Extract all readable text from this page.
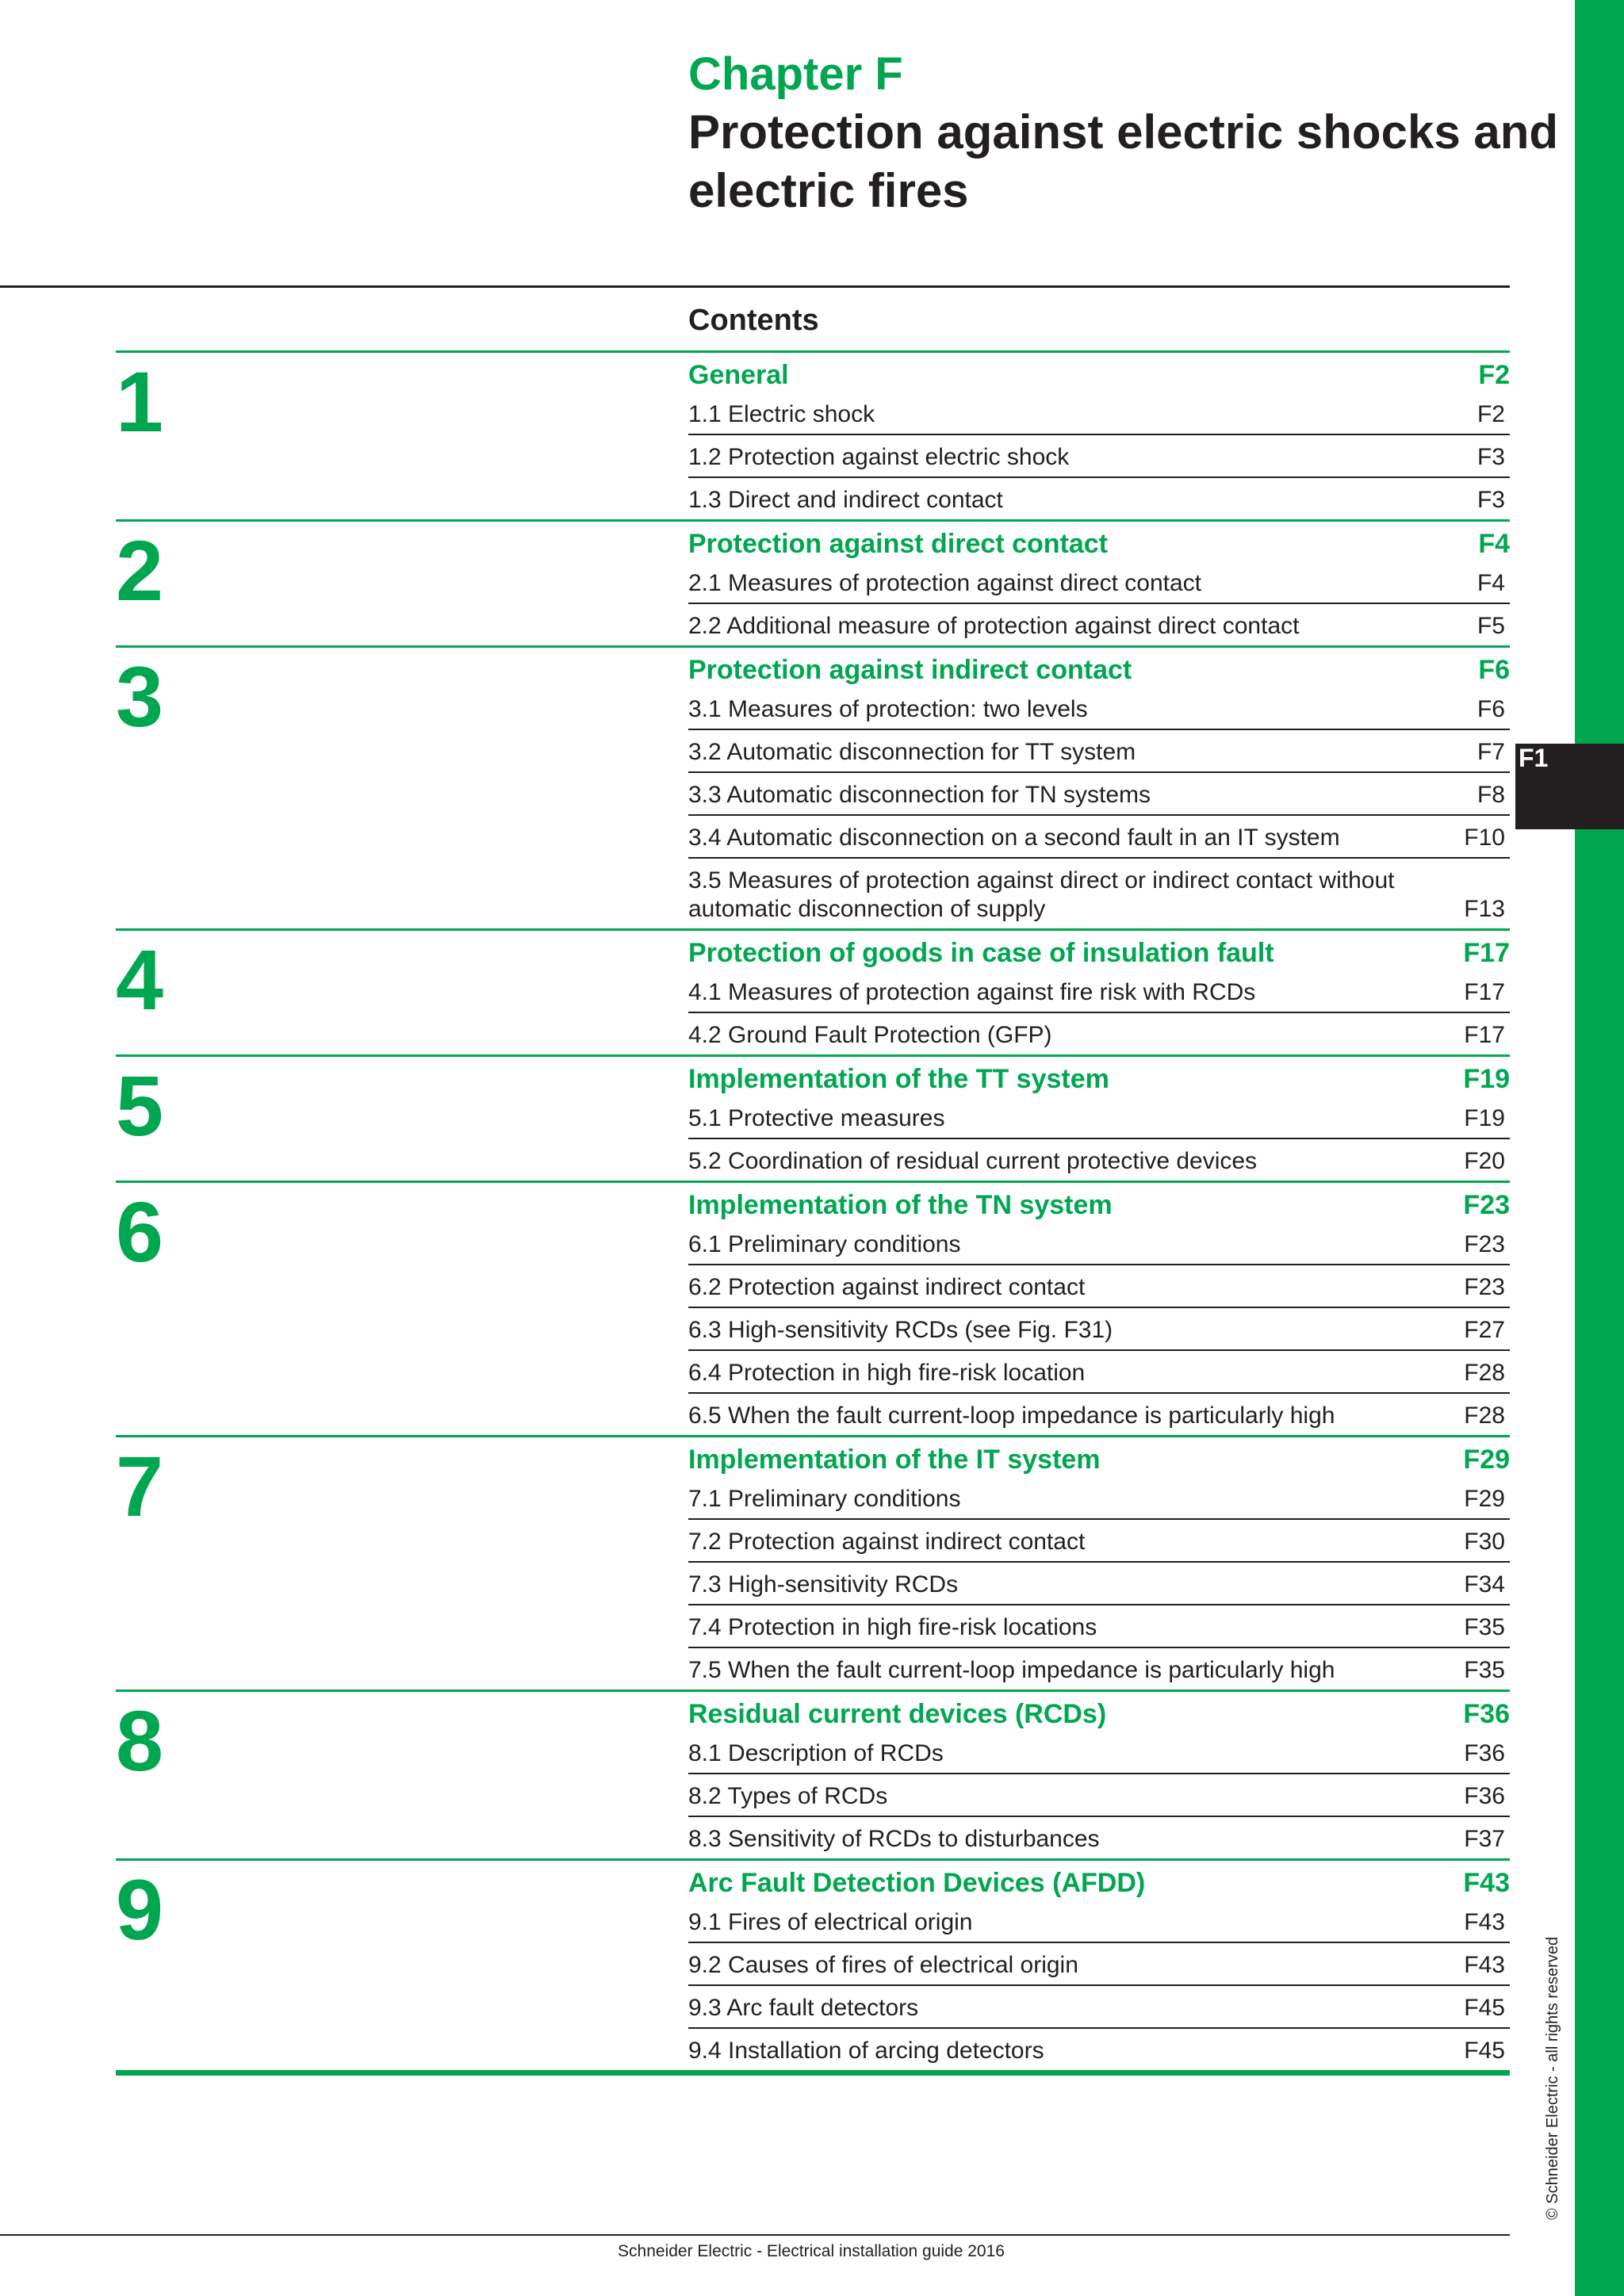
F1
© Schneider Electric - all rights reserved
Chapter F
Protection against electric shocks and electric fires
Contents
1	General	F2
1.1 Electric shock	F2
1.2 Protection against electric shock	F3
1.3 Direct and indirect contact	F3
2	Protection against direct contact	F4
2.1 Measures of protection against direct contact	F4
2.2 Additional measure of protection against direct contact	F5
3	Protection against indirect contact	F6
3.1 Measures of protection: two levels	F6
3.2 Automatic disconnection for TT system	F7
3.3 Automatic disconnection for TN systems	F8
3.4 Automatic disconnection on a second fault in an IT system	F10
3.5 Measures of protection against direct or indirect contact without automatic disconnection of supply	F13
4	Protection of goods in case of insulation fault	F17
4.1 Measures of protection against fire risk with RCDs	F17
4.2 Ground Fault Protection (GFP)	F17
5	Implementation of the TT system	F19
5.1 Protective measures	F19
5.2 Coordination of residual current protective devices	F20
6	Implementation of the TN system	F23
6.1 Preliminary conditions	F23
6.2 Protection against indirect contact	F23
6.3 High-sensitivity RCDs (see Fig. F31)	F27
6.4 Protection in high fire-risk location	F28
6.5 When the fault current-loop impedance is particularly high	F28
7	Implementation of the IT system	F29
7.1 Preliminary conditions	F29
7.2 Protection against indirect contact	F30
7.3 High-sensitivity RCDs	F34
7.4 Protection in high fire-risk locations	F35
7.5 When the fault current-loop impedance is particularly high	F35
8	Residual current devices (RCDs)	F36
8.1 Description of RCDs	F36
8.2 Types of RCDs	F36
8.3 Sensitivity of RCDs to disturbances	F37
9	Arc Fault Detection Devices (AFDD)	F43
9.1 Fires of electrical origin	F43
9.2 Causes of fires of electrical origin	F43
9.3 Arc fault detectors	F45
9.4 Installation of arcing detectors	F45
Schneider Electric - Electrical installation guide 2016
